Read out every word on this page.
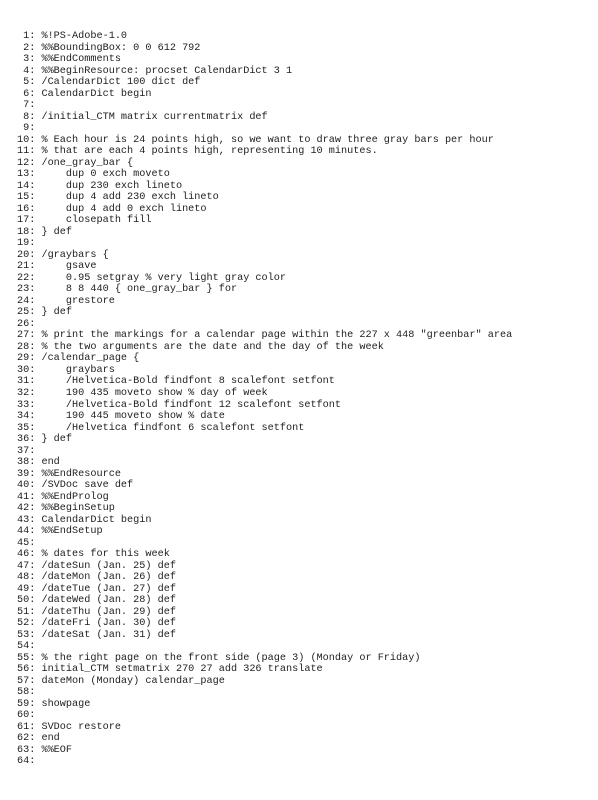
1: %!PS-Adobe-1.0
2: %%BoundingBox: 0 0 612 792
3: %%EndComments
4: %%BeginResource: procset CalendarDict 3 1
5: /CalendarDict 100 dict def
6: CalendarDict begin
7:
8: /initial_CTM matrix currentmatrix def
9:
10: % Each hour is 24 points high, so we want to draw three gray bars per hour
11: % that are each 4 points high, representing 10 minutes.
12: /one_gray_bar {
13:     dup 0 exch moveto
14:     dup 230 exch lineto
15:     dup 4 add 230 exch lineto
16:     dup 4 add 0 exch lineto
17:     closepath fill
18: } def
19:
20: /graybars {
21:     gsave
22:     0.95 setgray % very light gray color
23:     8 8 440 { one_gray_bar } for
24:     grestore
25: } def
26:
27: % print the markings for a calendar page within the 227 x 448 "greenbar" area
28: % the two arguments are the date and the day of the week
29: /calendar_page {
30:     graybars
31:     /Helvetica-Bold findfont 8 scalefont setfont
32:     190 435 moveto show % day of week
33:     /Helvetica-Bold findfont 12 scalefont setfont
34:     190 445 moveto show % date
35:     /Helvetica findfont 6 scalefont setfont
36: } def
37:
38: end
39: %%EndResource
40: /SVDoc save def
41: %%EndProlog
42: %%BeginSetup
43: CalendarDict begin
44: %%EndSetup
45:
46: % dates for this week
47: /dateSun (Jan. 25) def
48: /dateMon (Jan. 26) def
49: /dateTue (Jan. 27) def
50: /dateWed (Jan. 28) def
51: /dateThu (Jan. 29) def
52: /dateFri (Jan. 30) def
53: /dateSat (Jan. 31) def
54:
55: % the right page on the front side (page 3) (Monday or Friday)
56: initial_CTM setmatrix 270 27 add 326 translate
57: dateMon (Monday) calendar_page
58:
59: showpage
60:
61: SVDoc restore
62: end
63: %%EOF
64:
